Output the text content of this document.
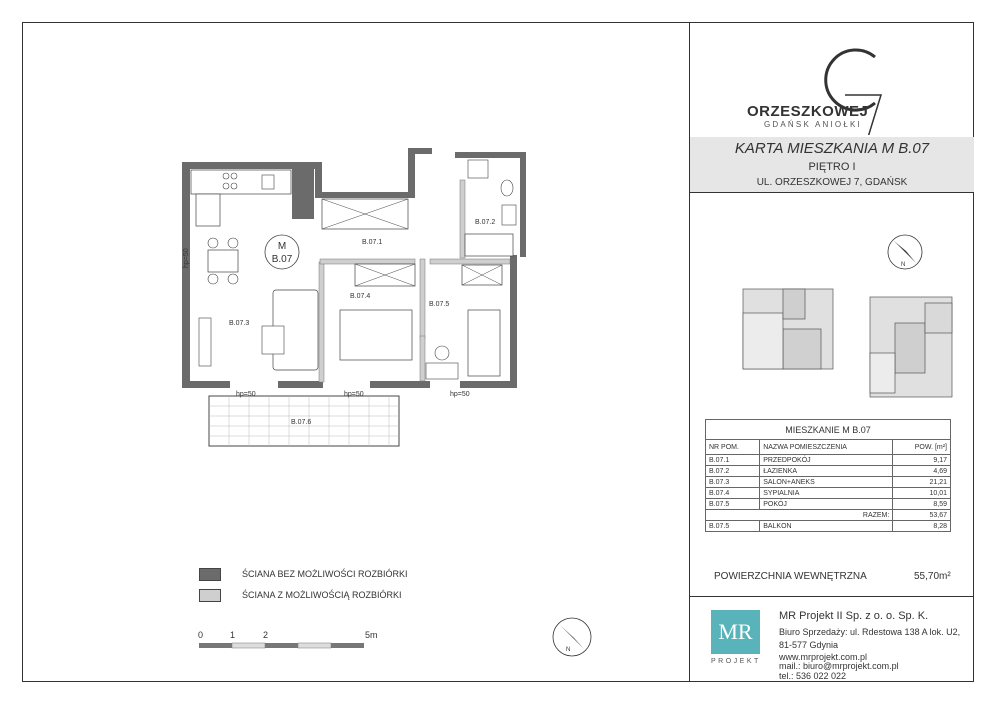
B.07.1
B.07.2
B.07.3
B.07.4
B.07.5
B.07.6
hp=50	hp=50	hp=50
hp=50
M
B.07
N
ORZESZKOWEJ
GDAŃSK ANIOŁKI
KARTA MIESZKANIA M B.07
PIĘTRO I
UL. ORZESZKOWEJ 7, GDAŃSK
N
MIESZKANIE M B.07		
NR POM.	NAZWA POMIESZCZENIA	POW. [m²]
B.07.1	PRZEDPOKÓJ	9,17
B.07.2	ŁAZIENKA	4,69
B.07.3	SALON+ANEKS	21,21
B.07.4	SYPIALNIA	10,01
B.07.5	POKÓJ	8,59
RAZEM:		53,67
B.07.5	BALKON	8,28
POWIERZCHNIA WEWNĘTRZNA	55,70m²
ŚCIANA BEZ MOŻLIWOŚCI ROZBIÓRKI
ŚCIANA Z MOŻLIWOŚCIĄ ROZBIÓRKI
0	1	2	5m	MR
PROJEKT
MR Projekt II Sp. z o. o. Sp. K.
Biuro Sprzedaży: ul. Rdestowa 138 A lok. U2,
81-577 Gdynia
www.mrprojekt.com.pl
mail.: biuro@mrprojekt.com.pl
tel.: 536 022 022
